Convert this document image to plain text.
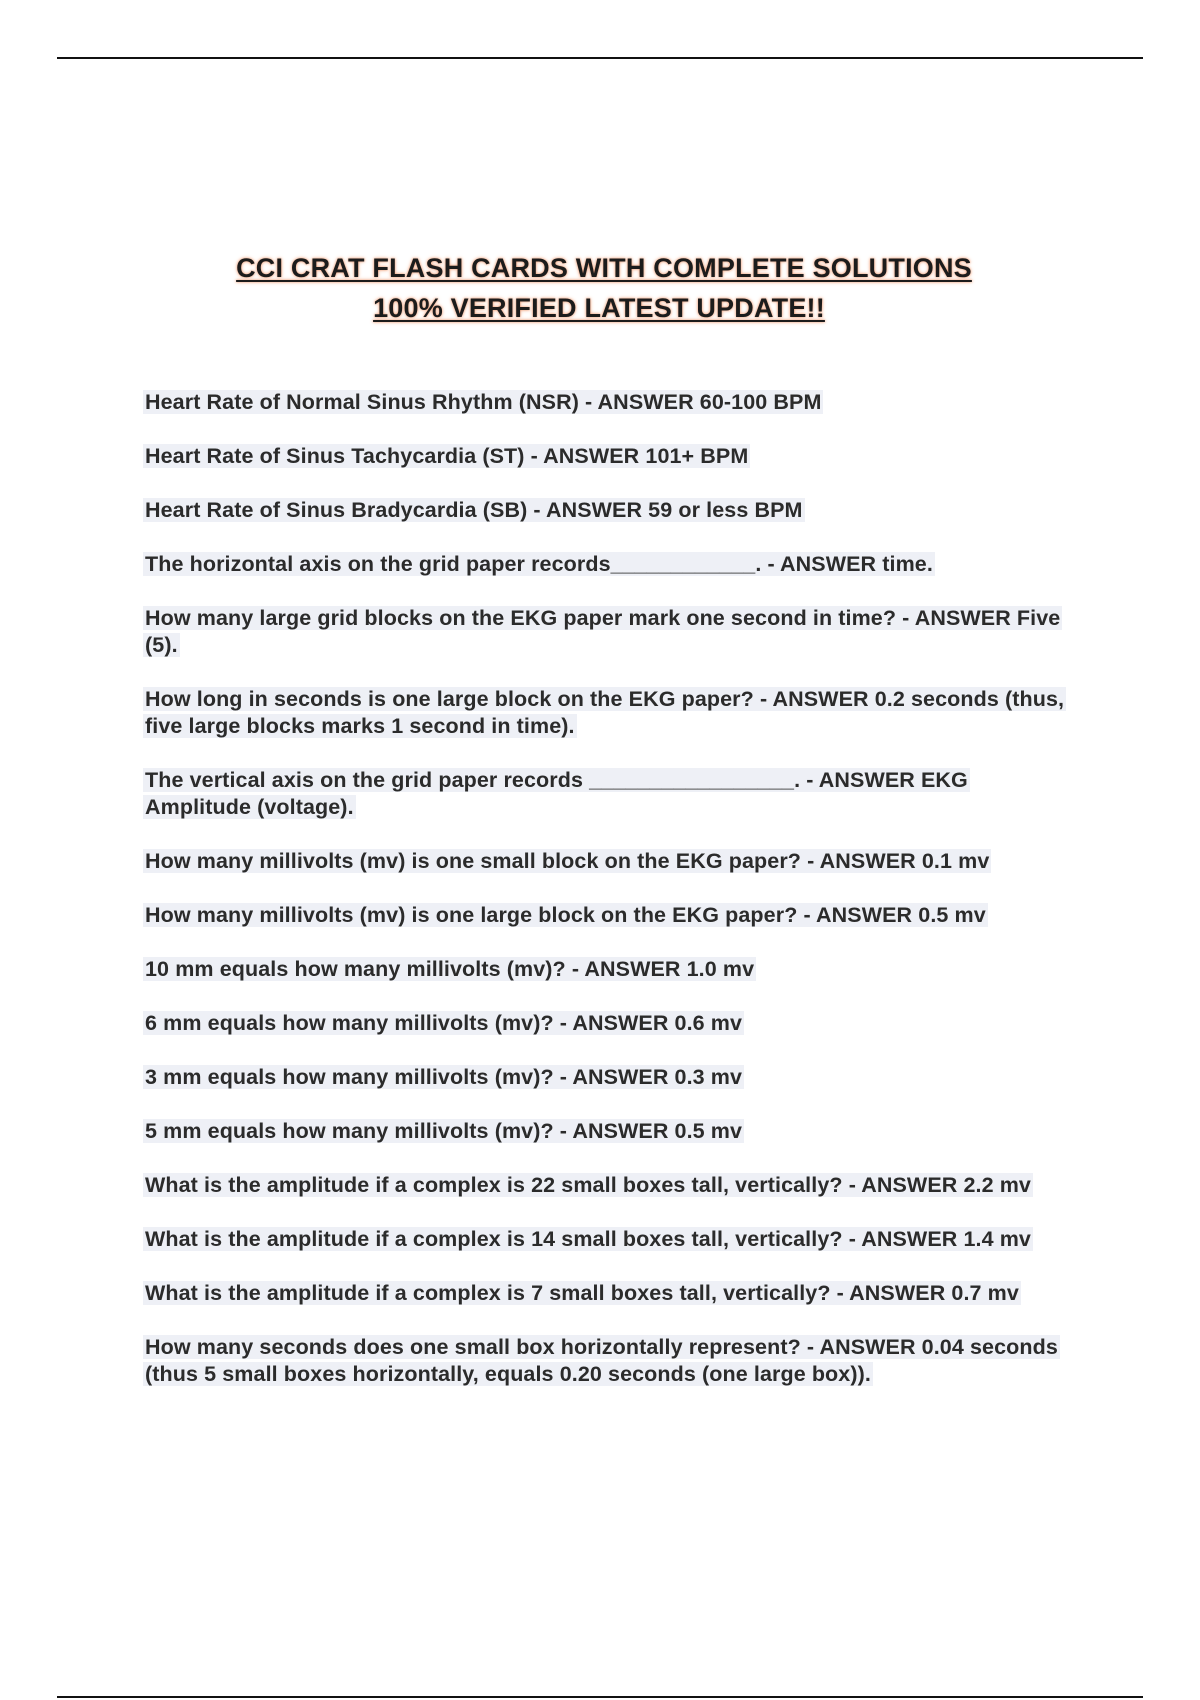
CCI CRAT FLASH CARDS WITH COMPLETE SOLUTIONS
100% VERIFIED LATEST UPDATE!!

Heart Rate of Normal Sinus Rhythm (NSR) - ANSWER 60-100 BPM

Heart Rate of Sinus Tachycardia (ST) - ANSWER 101+ BPM

Heart Rate of Sinus Bradycardia (SB) - ANSWER 59 or less BPM

The horizontal axis on the grid paper records____________. - ANSWER time.

How many large grid blocks on the EKG paper mark one second in time? - ANSWER Five (5).

How long in seconds is one large block on the EKG paper? - ANSWER 0.2 seconds (thus, five large blocks marks 1 second in time).

The vertical axis on the grid paper records _________________. - ANSWER EKG Amplitude (voltage).

How many millivolts (mv) is one small block on the EKG paper? - ANSWER 0.1 mv

How many millivolts (mv) is one large block on the EKG paper? - ANSWER 0.5 mv

10 mm equals how many millivolts (mv)? - ANSWER 1.0 mv

6 mm equals how many millivolts (mv)? - ANSWER 0.6 mv

3 mm equals how many millivolts (mv)? - ANSWER 0.3 mv

5 mm equals how many millivolts (mv)? - ANSWER 0.5 mv

What is the amplitude if a complex is 22 small boxes tall, vertically? - ANSWER 2.2 mv

What is the amplitude if a complex is 14 small boxes tall, vertically? - ANSWER 1.4 mv

What is the amplitude if a complex is 7 small boxes tall, vertically? - ANSWER 0.7 mv

How many seconds does one small box horizontally represent? - ANSWER 0.04 seconds (thus 5 small boxes horizontally, equals 0.20 seconds (one large box)).
